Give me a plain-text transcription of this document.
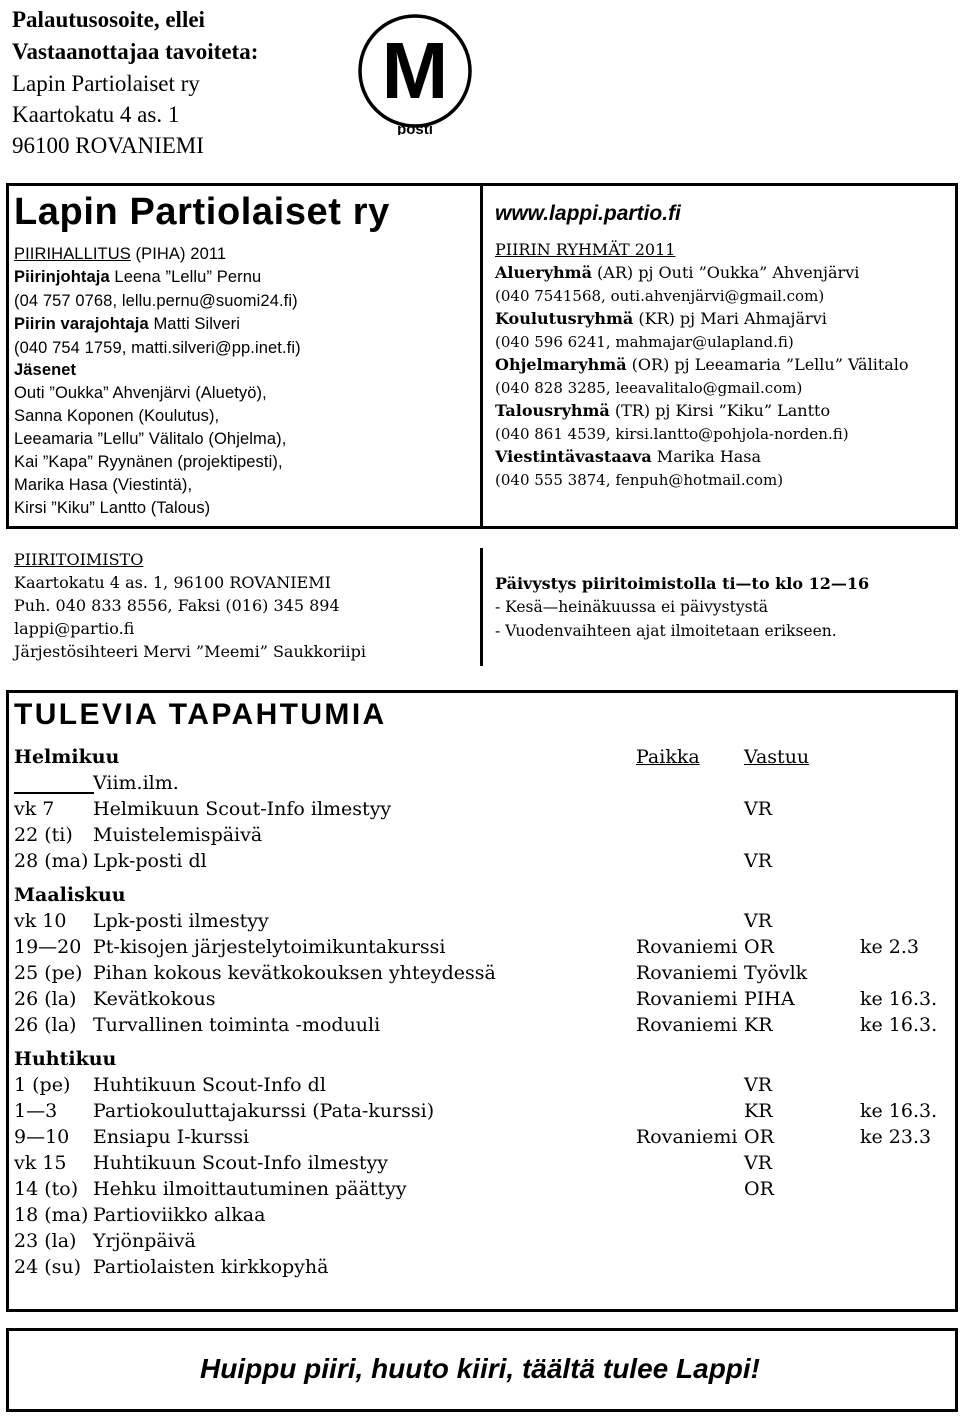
Palautusosoite, ellei
Vastaanottajaa tavoiteta:
Lapin Partiolaiset ry
Kaartokatu 4 as. 1
96100 ROVANIEMI
M
posti
Lapin Partiolaiset ry
PIIRIHALLITUS (PIHA) 2011
Piirinjohtaja Leena ”Lellu” Pernu
(04 757 0768, lellu.pernu@suomi24.fi)
Piirin varajohtaja Matti Silveri
(040 754 1759, matti.silveri@pp.inet.fi)
Jäsenet
Outi ”Oukka” Ahvenjärvi (Aluetyö),
Sanna Koponen (Koulutus),
Leeamaria ”Lellu” Välitalo (Ohjelma),
Kai ”Kapa” Ryynänen (projektipesti),
Marika Hasa (Viestintä),
Kirsi ”Kiku” Lantto (Talous)
www.lappi.partio.fi
PIIRIN RYHMÄT 2011
Alueryhmä (AR) pj Outi ”Oukka” Ahvenjärvi
(040 7541568, outi.ahvenjärvi@gmail.com)
Koulutusryhmä (KR) pj Mari Ahmajärvi
(040 596 6241, mahmajar@ulapland.fi)
Ohjelmaryhmä (OR) pj Leeamaria ”Lellu” Välitalo
(040 828 3285, leeavalitalo@gmail.com)
Talousryhmä (TR) pj Kirsi ”Kiku” Lantto
(040 861 4539, kirsi.lantto@pohjola-norden.fi)
Viestintävastaava Marika Hasa
(040 555 3874, fenpuh@hotmail.com)
PIIRITOIMISTO
Kaartokatu 4 as. 1, 96100 ROVANIEMI
Puh. 040 833 8556, Faksi (016) 345 894
lappi@partio.fi
Järjestösihteeri Mervi ”Meemi” Saukkoriipi
Päivystys piiritoimistolla ti—to klo 12—16
- Kesä—heinäkuussa ei päivystystä
- Vuodenvaihteen ajat ilmoitetaan erikseen.
TULEVIA TAPAHTUMIA
Helmikuu	Paikka	Vastuu
Viim.ilm.
vk 7 Helmikuun Scout-Info ilmestyy	VR
22 (ti) Muistelemispäivä
28 (ma) Lpk-posti dl	VR
Maaliskuu
vk 10 Lpk-posti ilmestyy	VR
19—20 Pt-kisojen järjestelytoimikuntakurssi	Rovaniemi OR	ke 2.3
25 (pe) Pihan kokous kevätkokouksen yhteydessä	Rovaniemi Työvlk
26 (la) Kevätkokous	Rovaniemi PIHA	ke 16.3.
26 (la) Turvallinen toiminta -moduuli	Rovaniemi KR	ke 16.3.
Huhtikuu
1 (pe) Huhtikuun Scout-Info dl	VR
1—3 Partiokouluttajakurssi (Pata-kurssi)	KR	ke 16.3.
9—10 Ensiapu I-kurssi	Rovaniemi OR	ke 23.3
vk 15 Huhtikuun Scout-Info ilmestyy	VR
14 (to) Hehku ilmoittautuminen päättyy	OR
18 (ma) Partioviikko alkaa
23 (la) Yrjönpäivä
24 (su) Partiolaisten kirkkopyhä
Huippu piiri, huuto kiiri, täältä tulee Lappi!
